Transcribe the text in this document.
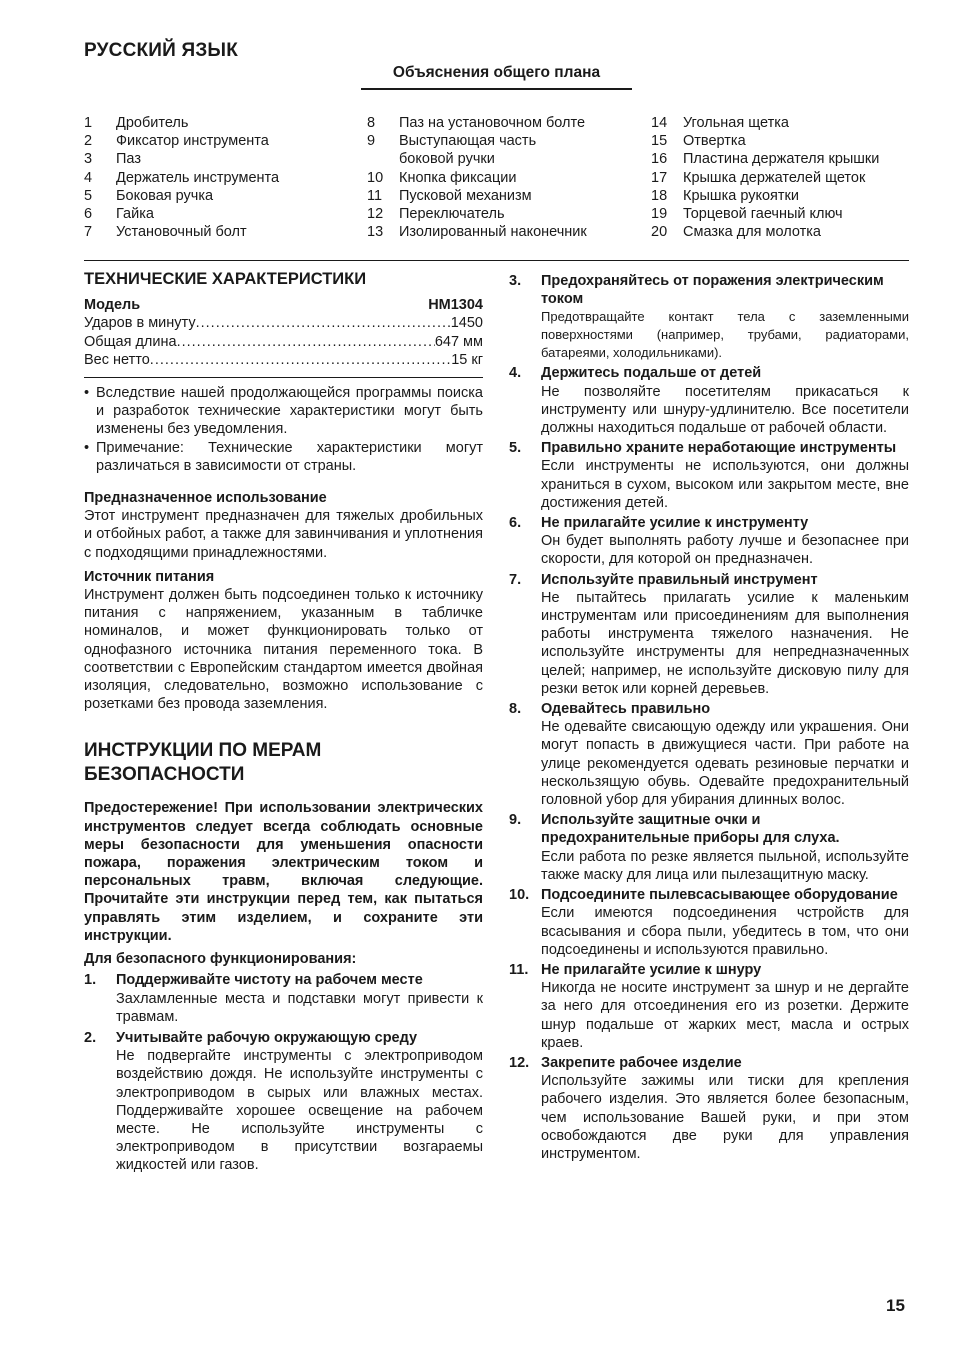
РУССКИЙ ЯЗЫК
Объяснения общего плана
1	Дробитель
2	Фиксатор инструмента
3	Паз
4	Держатель инструмента
5	Боковая ручка
6	Гайка
7	Установочный болт
8	Паз на установочном болте
9	Выступающая часть
боковой ручки
10	Кнопка фиксации
11	Пусковой механизм
12	Переключатель
13	Изолированный наконечник
14	Угольная щетка
15	Отвертка
16	Пластина держателя крышки
17	Крышка держателей щеток
18	Крышка рукоятки
19	Торцевой гаечный ключ
20	Смазка для молотка
ТЕХНИЧЕСКИЕ ХАРАКТЕРИСТИКИ
Модель	HM1304
Ударов в минуту .....	1450
Общая длина .....	647 мм
Вес нетто .....	15 кг
• Вследствие нашей продолжающейся программы поиска и разработок технические характеристики могут быть изменены без уведомления.
• Примечание: Технические характеристики могут различаться в зависимости от страны.
Предназначенное использование
Этот инструмент предназначен для тяжелых дробильных и отбойных работ, а также для завинчивания и уплотнения с подходящими принадлежностями.
Источник питания
Инструмент должен быть подсоединен только к источнику питания с напряжением, указанным в табличке номиналов, и может функционировать только от однофазного источника питания переменного тока. В соответствии с Европейским стандартом имеется двойная изоляция, следовательно, возможно использование с розетками без провода заземления.
ИНСТРУКЦИИ ПО МЕРАМ БЕЗОПАСНОСТИ
Предостережение! При использовании электрических инструментов следует всегда соблюдать основные меры безопасности для уменьшения опасности пожара, поражения электрическим током и персональных травм, включая следующие. Прочитайте эти инструкции перед тем, как пытаться управлять этим изделием, и сохраните эти инструкции.
Для безопасного функционирования:
1.	Поддерживайте чистоту на рабочем месте
Захламленные места и подставки могут привести к травмам.
2.	Учитывайте рабочую окружающую среду
Не подвергайте инструменты с электроприводом воздействию дождя. Не используйте инструменты с электроприводом в сырых или влажных местах. Поддерживайте хорошее освещение на рабочем месте. Не используйте инструменты с электроприводом в присутствии возгараемы жидкостей или газов.
3.	Предохраняйтесь от поражения электрическим током
Предотвращайте контакт тела с заземленными поверхностями (например, трубами, радиаторами, батареями, холодильниками).
4.	Держитесь подальше от детей
Не позволяйте посетителям прикасаться к инструменту или шнуру-удлинителю. Все посетители должны находиться подальше от рабочей области.
5.	Правильно храните неработающие инструменты
Если инструменты не используются, они должны храниться в сухом, высоком или закрытом месте, вне достижения детей.
6.	Не прилагайте усилие к инструменту
Он будет выполнять работу лучше и безопаснее при скорости, для которой он предназначен.
7.	Используйте правильный инструмент
Не пытайтесь прилагать усилие к маленьким инструментам или присоединениям для выполнения работы инструмента тяжелого назначения. Не используйте инструменты для непредназначенных целей; например, не используйте дисковую пилу для резки веток или корней деревьев.
8.	Одевайтесь правильно
Не одевайте свисающую одежду или украшения. Они могут попасть в движущиеся части. При работе на улице рекомендуется одевать резиновые перчатки и нескользящую обувь. Одевайте предохранительный головной убор для убирания длинных волос.
9.	Используйте защитные очки и предохранительные приборы для слуха.
Если работа по резке является пыльной, используйте также маску для лица или пылезащитную маску.
10. Подсоедините пылевсасывающее оборудование
Если имеются подсоединения чстройств для всасывания и сбора пыли, убедитесь в том, что они подсоединены и используются правильно.
11. Не прилагайте усилие к шнуру
Никогда не носите инструмент за шнур и не дергайте за него для отсоединения его из розетки. Держите шнур подальше от жарких мест, масла и острых краев.
12. Закрепите рабочее изделие
Используйте зажимы или тиски для крепления рабочего изделия. Это является более безопасным, чем использование Вашей руки, и при этом освобождаются две руки для управления инструментом.
15
